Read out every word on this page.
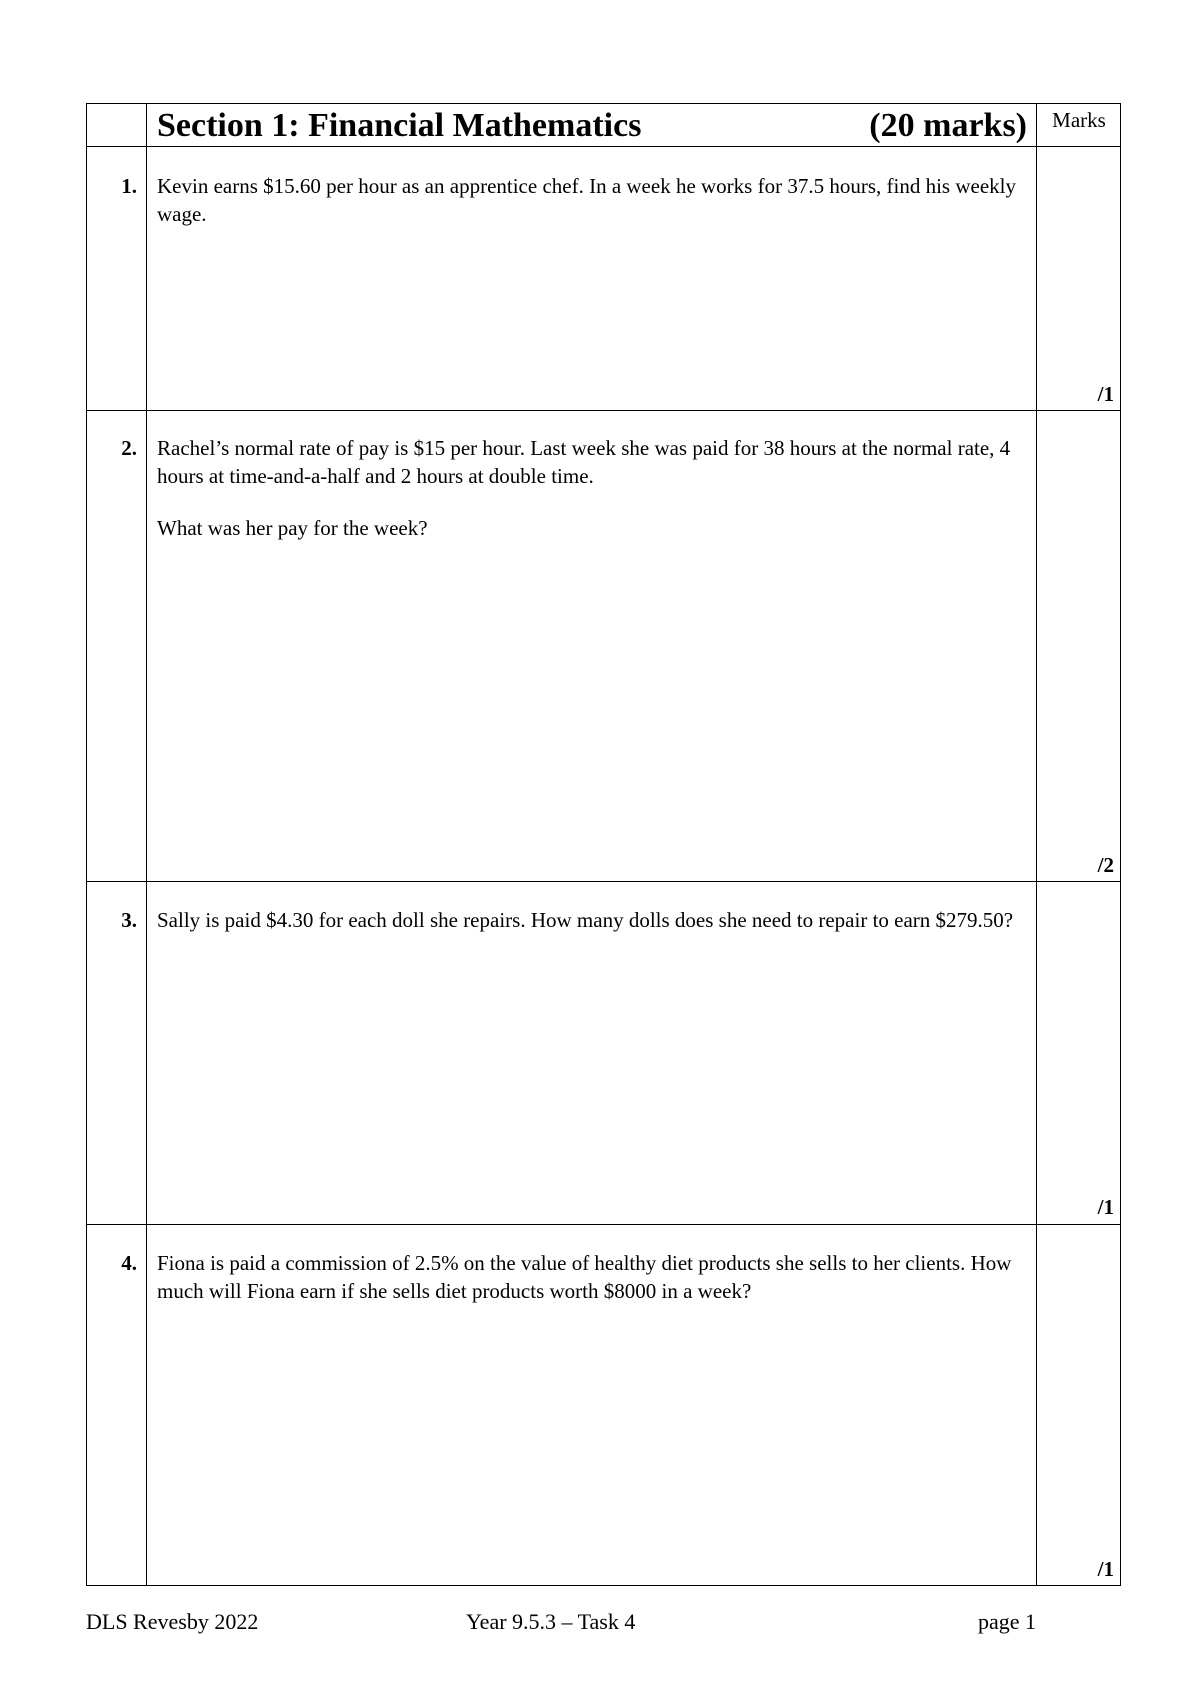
Section 1: Financial Mathematics	(20 marks)	Marks
1. Kevin earns $15.60 per hour as an apprentice chef. In a week he works for 37.5 hours, find his weekly wage.

/1
2. Rachel’s normal rate of pay is $15 per hour. Last week she was paid for 38 hours at the normal rate, 4 hours at time-and-a-half and 2 hours at double time.

What was her pay for the week?

/2
3. Sally is paid $4.30 for each doll she repairs. How many dolls does she need to repair to earn $279.50?

/1
4. Fiona is paid a commission of 2.5% on the value of healthy diet products she sells to her clients. How much will Fiona earn if she sells diet products worth $8000 in a week?

/1
DLS Revesby 2022	Year 9.5.3 – Task 4	page 1
